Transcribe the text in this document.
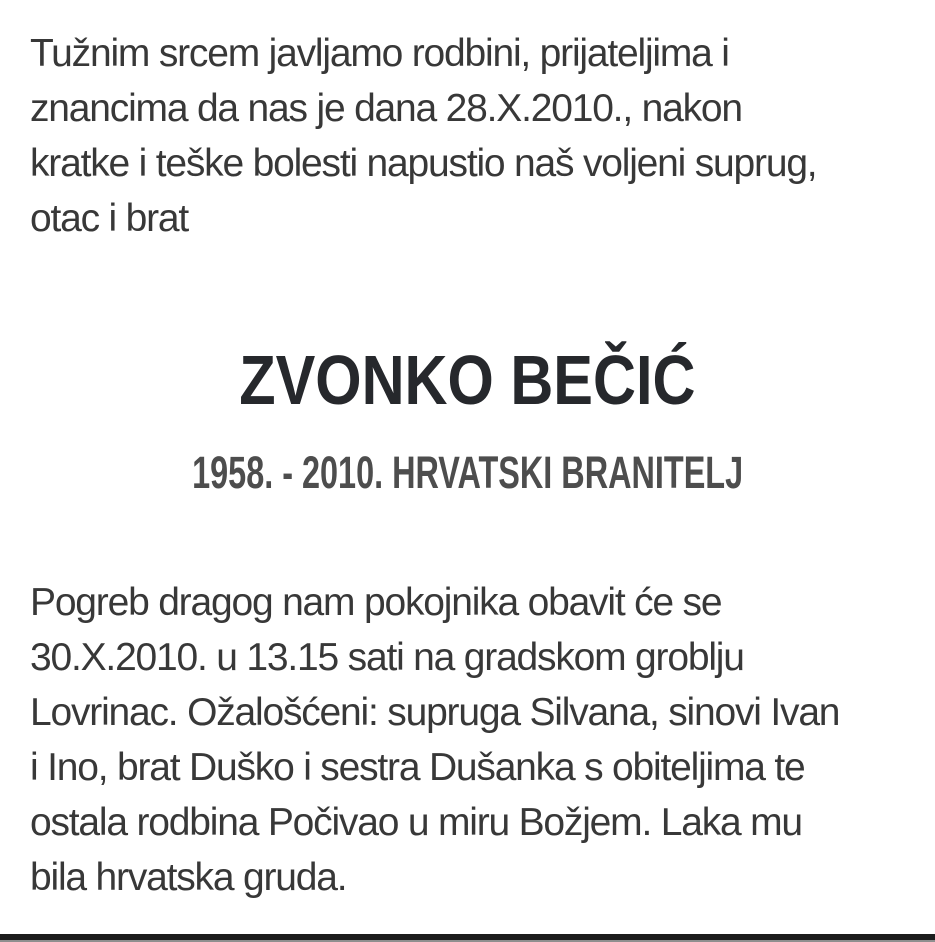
Tužnim srcem javljamo rodbini, prijateljima i
znancima da nas je dana 28.X.2010., nakon
kratke i teške bolesti napustio naš voljeni suprug,
otac i brat
ZVONKO BEČIĆ
1958. - 2010. HRVATSKI BRANITELJ
Pogreb dragog nam pokojnika obavit će se
30.X.2010. u 13.15 sati na gradskom groblju
Lovrinac. Ožalošćeni: supruga Silvana, sinovi Ivan
i Ino, brat Duško i sestra Dušanka s obiteljima te
ostala rodbina Počivao u miru Božjem. Laka mu
bila hrvatska gruda.
